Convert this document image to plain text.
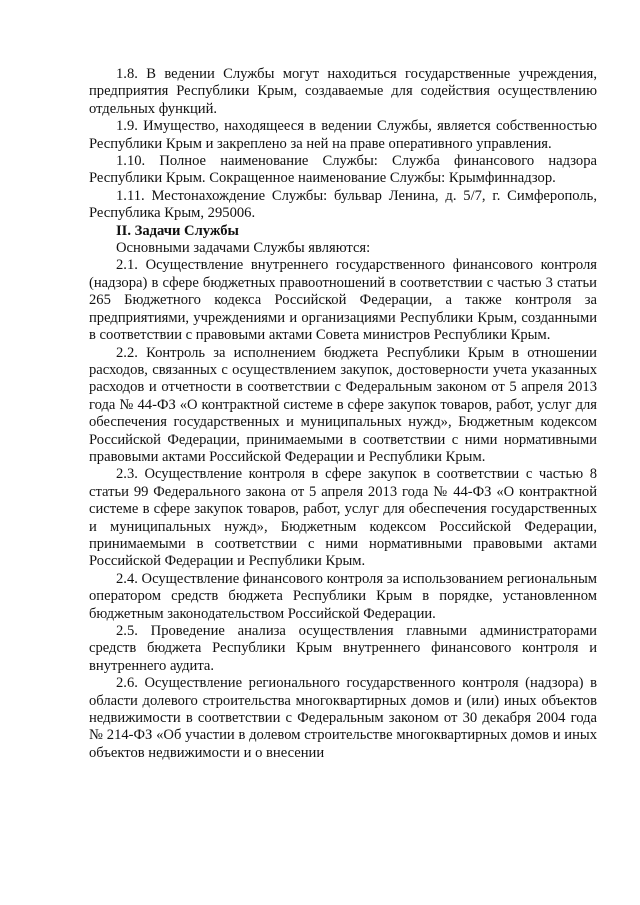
1.8. В ведении Службы могут находиться государственные учреждения, предприятия Республики Крым, создаваемые для содействия осуществлению отдельных функций.

1.9. Имущество, находящееся в ведении Службы, является собственностью Республики Крым и закреплено за ней на праве оперативного управления.

1.10. Полное наименование Службы: Служба финансового надзора Республики Крым. Сокращенное наименование Службы: Крымфиннадзор.

1.11. Местонахождение Службы: бульвар Ленина, д. 5/7, г. Симферополь, Республика Крым, 295006.

II. Задачи Службы

Основными задачами Службы являются:

2.1. Осуществление внутреннего государственного финансового контроля (надзора) в сфере бюджетных правоотношений в соответствии с частью 3 статьи 265 Бюджетного кодекса Российской Федерации, а также контроля за предприятиями, учреждениями и организациями Республики Крым, созданными в соответствии с правовыми актами Совета министров Республики Крым.

2.2. Контроль за исполнением бюджета Республики Крым в отношении расходов, связанных с осуществлением закупок, достоверности учета указанных расходов и отчетности в соответствии с Федеральным законом от 5 апреля 2013 года № 44-ФЗ «О контрактной системе в сфере закупок товаров, работ, услуг для обеспечения государственных и муниципальных нужд», Бюджетным кодексом Российской Федерации, принимаемыми в соответствии с ними нормативными правовыми актами Российской Федерации и Республики Крым.

2.3. Осуществление контроля в сфере закупок в соответствии с частью 8 статьи 99 Федерального закона от 5 апреля 2013 года № 44-ФЗ «О контрактной системе в сфере закупок товаров, работ, услуг для обеспечения государственных и муниципальных нужд», Бюджетным кодексом Российской Федерации, принимаемыми в соответствии с ними нормативными правовыми актами Российской Федерации и Республики Крым.

2.4. Осуществление финансового контроля за использованием региональным оператором средств бюджета Республики Крым в порядке, установленном бюджетным законодательством Российской Федерации.

2.5. Проведение анализа осуществления главными администраторами средств бюджета Республики Крым внутреннего финансового контроля и внутреннего аудита.

2.6. Осуществление регионального государственного контроля (надзора) в области долевого строительства многоквартирных домов и (или) иных объектов недвижимости в соответствии с Федеральным законом от 30 декабря 2004 года № 214-ФЗ «Об участии в долевом строительстве многоквартирных домов и иных объектов недвижимости и о внесении
